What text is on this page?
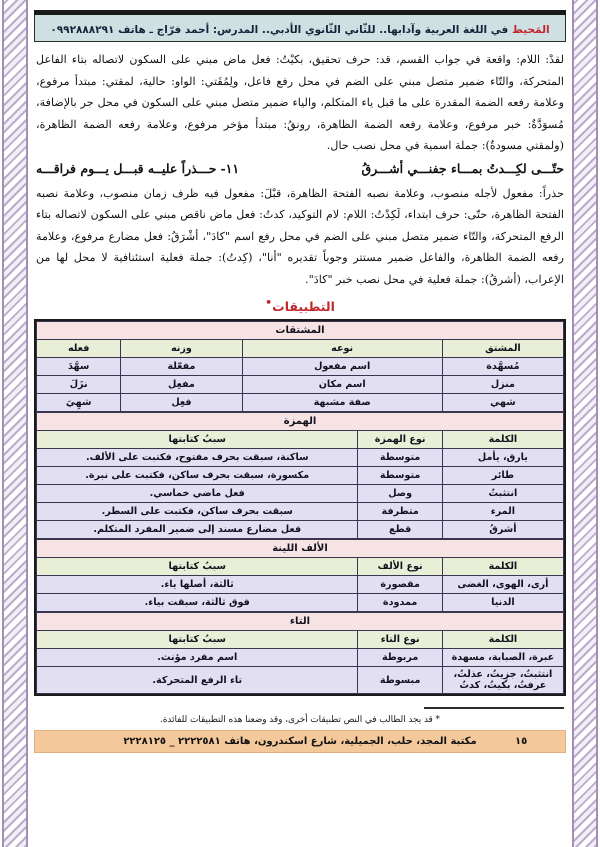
المَحيط في اللغة العربية وآدابها.. للثّاني الثّانوي الأدبي.. المدرس: أحمد فرّاج ـ هاتف ٠٩٩٢٨٨٨٢٩١

لقدْ: اللام: واقعة في جواب القسم، قد: حرف تحقيق، بكيْتُ: فعل ماض مبني على السكون لاتصاله بتاء الفاعل المتحركة، والتّاء ضمير متصل مبني على الضم في محل رفع فاعل، ولِمُقَتي: الواو: حالية، لمقتي: مبتدأ مرفوع، وعلامة رفعه الضمة المقدرة على ما قبل ياء المتكلم، والياء ضمير متصل مبني على السكون في محل جر بالإضافة، مُسوَدَّةٌ: خبر مرفوع، وعلامة رفعه الضمة الظاهرة، رونقُ: مبتدأ مؤخر مرفوع، وعلامة رفعه الضمة الظاهرة، (ولمقتي مسودةٌ): جملة اسمية في محل نصب حال.

حتّـــى لكِـــدتُ بمـــاء جفنـــي أشـــرقُ
١١-حـــذراً عليــه قبـــل يـــوم فراقـــه

حذراً: مفعول لأجله منصوب، وعلامة نصبه الفتحة الظاهرة، قبْلَ: مفعول فيه ظرف زمان منصوب، وعلامة نصبه الفتحة الظاهرة، حتّى: حرف ابتداء، لَكِدْتُ: اللام: لام التوكيد، كدتُ: فعل ماض ناقص مبني على السكون لاتصاله بتاء الرفع المتحركة، والتّاء ضمير متصل مبني على الضم في محل رفع اسم "كادَ"، أشْرَقُ: فعل مضارع مرفوع، وعلامة رفعه الضمة الظاهرة، والفاعل ضمير مستتر وجوباً تقديره "أنا"، (كِدتُ): جملة فعلية استئنافية لا محل لها من الإعراب، (أشرقُ): جملة فعلية في محل نصب خبر "كادَ".

التطبيقات•
المشتقات			
المشتق	نوعه	وزنه	فعله
مُسهَّدة	اسم مفعول	مفعّلة	سهَّدَ
منزل	اسم مكان	مفعِل	نزَلَ
شهي	صفة مشبهة	فعِل	شهِيَ
الهمزة		
الكلمة	نوع الهمزة	سببُ كتابتها
يارق، يأمل	متوسطة	ساكنة، سبقت بحرف مفتوح، فكتبت على الألف.
طائر	متوسطة	مكسورة، سبقت بحرف ساكن، فكتبت على نبرة.
انتثبتُ	وصل	فعل ماضي خماسي.
المرء	متطرفة	سبقت بحرف ساكن، فكتبت على السطر.
أشرقُ	قطع	فعل مضارع مسند إلى ضمير المفرد المتكلم.
الألف اللينة		
الكلمة	نوع الألف	سببُ كتابتها
أرى، الهوى، الغضى	مقصورة	ثالثة، أصلها ياء.
الدنيا	ممدودة	فوق ثالثة، سبقت بياء.
التاء		
الكلمة	نوع التاء	سببُ كتابتها
عبرة، الصبابة، مسهدة	مربوطة	اسم مفرد مؤنث.
انتثبتُ، جزِيتُ، عذلتُ، عرفتُ، بكيتُ، كدتُ	مبسوطة	تاء الرفع المتحركة.
* قد يجد الطالب في النص تطبيقات أخرى، وقد وضعنا هذه التطبيقات للفائدة.
١٥
مكتبة المجد، حلب، الجميلية، شارع اسكندرون، هاتف ٢٢٢٢٥٨١ _ ٢٢٢٨١٢٥
